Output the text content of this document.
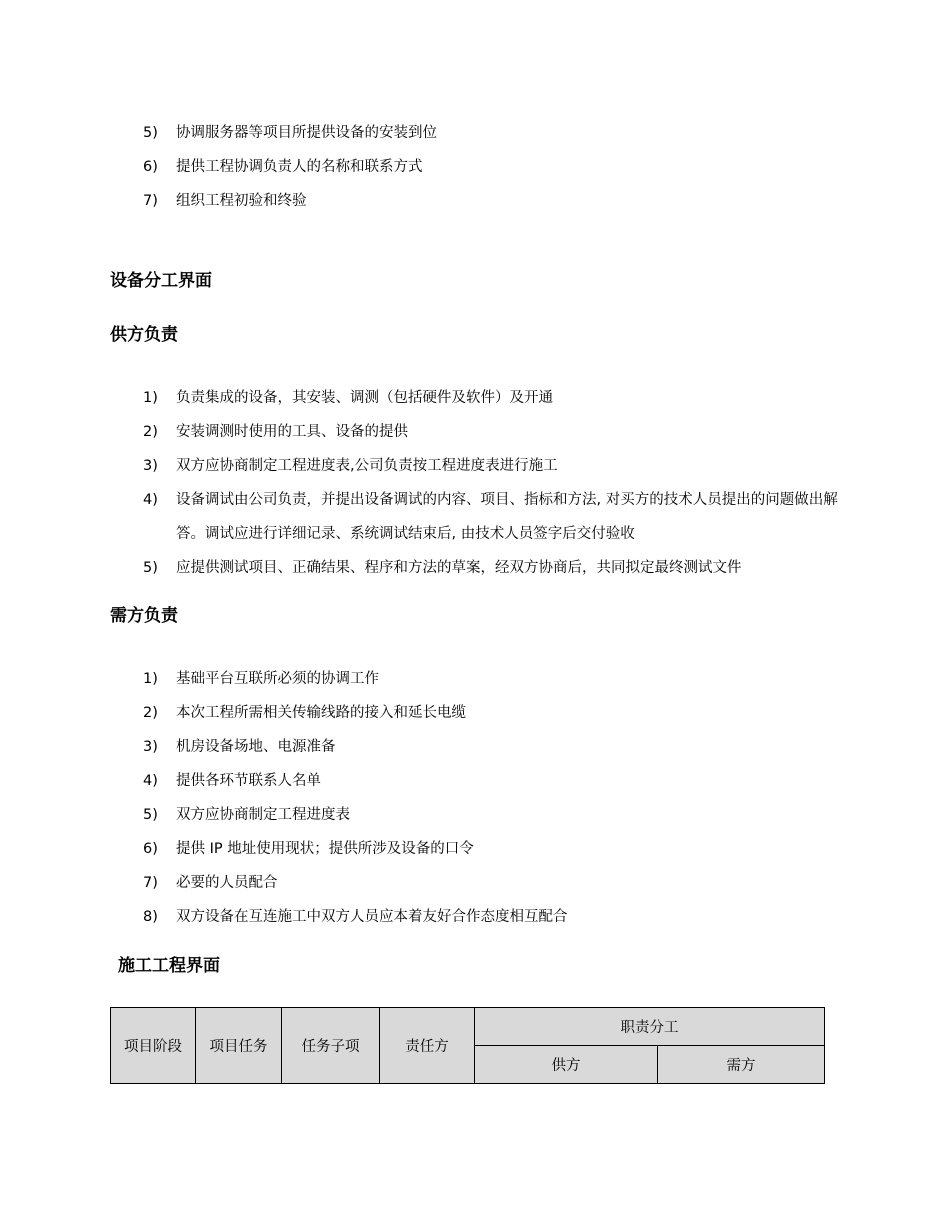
5)	协调服务器等项目所提供设备的安装到位
6)	提供工程协调负责人的名称和联系方式
7)	组织工程初验和终验
设备分工界面
供方负责
1)	负责集成的设备，其安装、调测（包括硬件及软件）及开通
2)	安装调测时使用的工具、设备的提供
3)	双方应协商制定工程进度表,公司负责按工程进度表进行施工
4)	设备调试由公司负责，并提出设备调试的内容、项目、指标和方法, 对买方的技术人员提出的问题做出解答。调试应进行详细记录、系统调试结束后, 由技术人员签字后交付验收
5)	应提供测试项目、正确结果、程序和方法的草案，经双方协商后，共同拟定最终测试文件
需方负责
1)	基础平台互联所必须的协调工作
2)	本次工程所需相关传输线路的接入和延长电缆
3)	机房设备场地、电源准备
4)	提供各环节联系人名单
5)	双方应协商制定工程进度表
6)	提供 IP 地址使用现状；提供所涉及设备的口令
7)	必要的人员配合
8)	双方设备在互连施工中双方人员应本着友好合作态度相互配合
施工工程界面
项目阶段	项目任务	任务子项	责任方	职责分工	
				供方	需方
